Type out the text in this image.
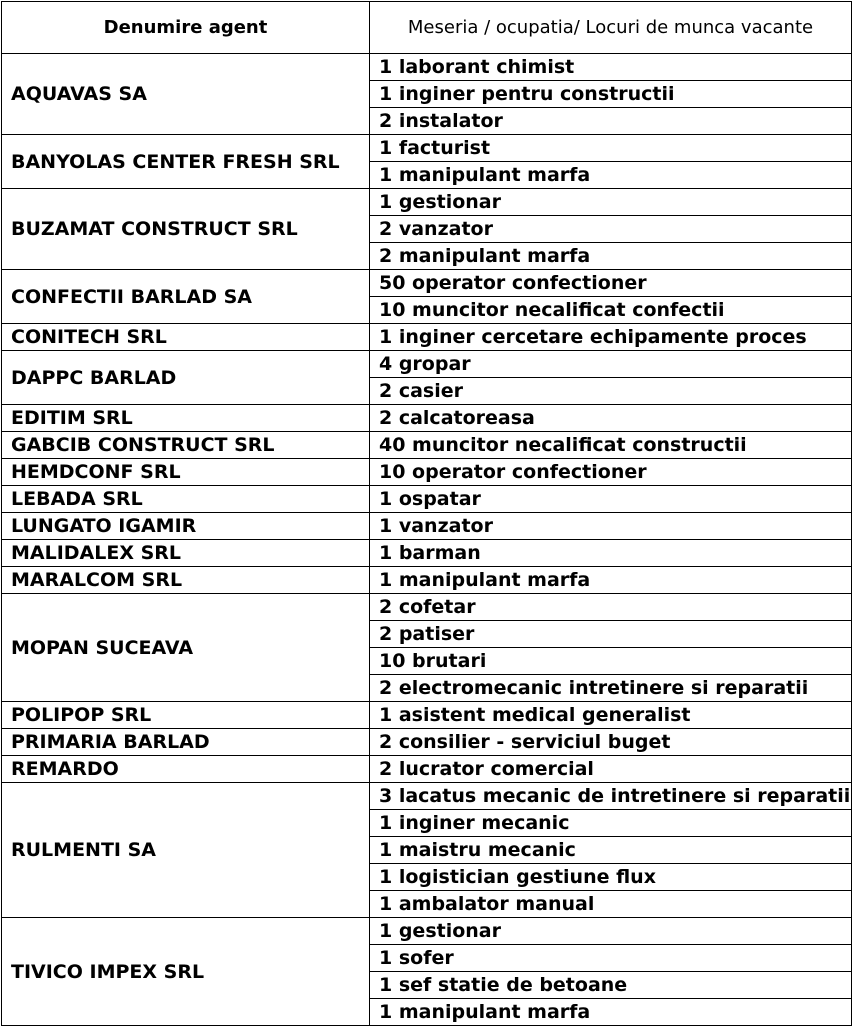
Denumire agent	Meseria / ocupatia/ Locuri de munca vacante
AQUAVAS SA	1 laborant chimist
	1 inginer pentru constructii
	2 instalator
BANYOLAS CENTER FRESH SRL	1 facturist
	1 manipulant marfa
BUZAMAT CONSTRUCT SRL	1 gestionar
	2 vanzator
	2 manipulant marfa
CONFECTII BARLAD SA	50 operator confectioner
	10 muncitor necalificat confectii
CONITECH SRL	1 inginer cercetare echipamente proces
DAPPC BARLAD	4 gropar
	2 casier
EDITIM SRL	2 calcatoreasa
GABCIB CONSTRUCT SRL	40 muncitor necalificat constructii
HEMDCONF SRL	10 operator confectioner
LEBADA SRL	1 ospatar
LUNGATO IGAMIR	1 vanzator
MALIDALEX SRL	1 barman
MARALCOM SRL	1 manipulant marfa
MOPAN SUCEAVA	2 cofetar
	2 patiser
	10 brutari
	2 electromecanic intretinere si reparatii
POLIPOP SRL	1 asistent medical generalist
PRIMARIA BARLAD	2 consilier - serviciul buget
REMARDO	2 lucrator comercial
RULMENTI SA	3 lacatus mecanic de intretinere si reparatii
	1 inginer mecanic
	1 maistru mecanic
	1 logistician gestiune flux
	1 ambalator manual
TIVICO IMPEX SRL	1 gestionar
	1 sofer
	1 sef statie de betoane
	1 manipulant marfa
